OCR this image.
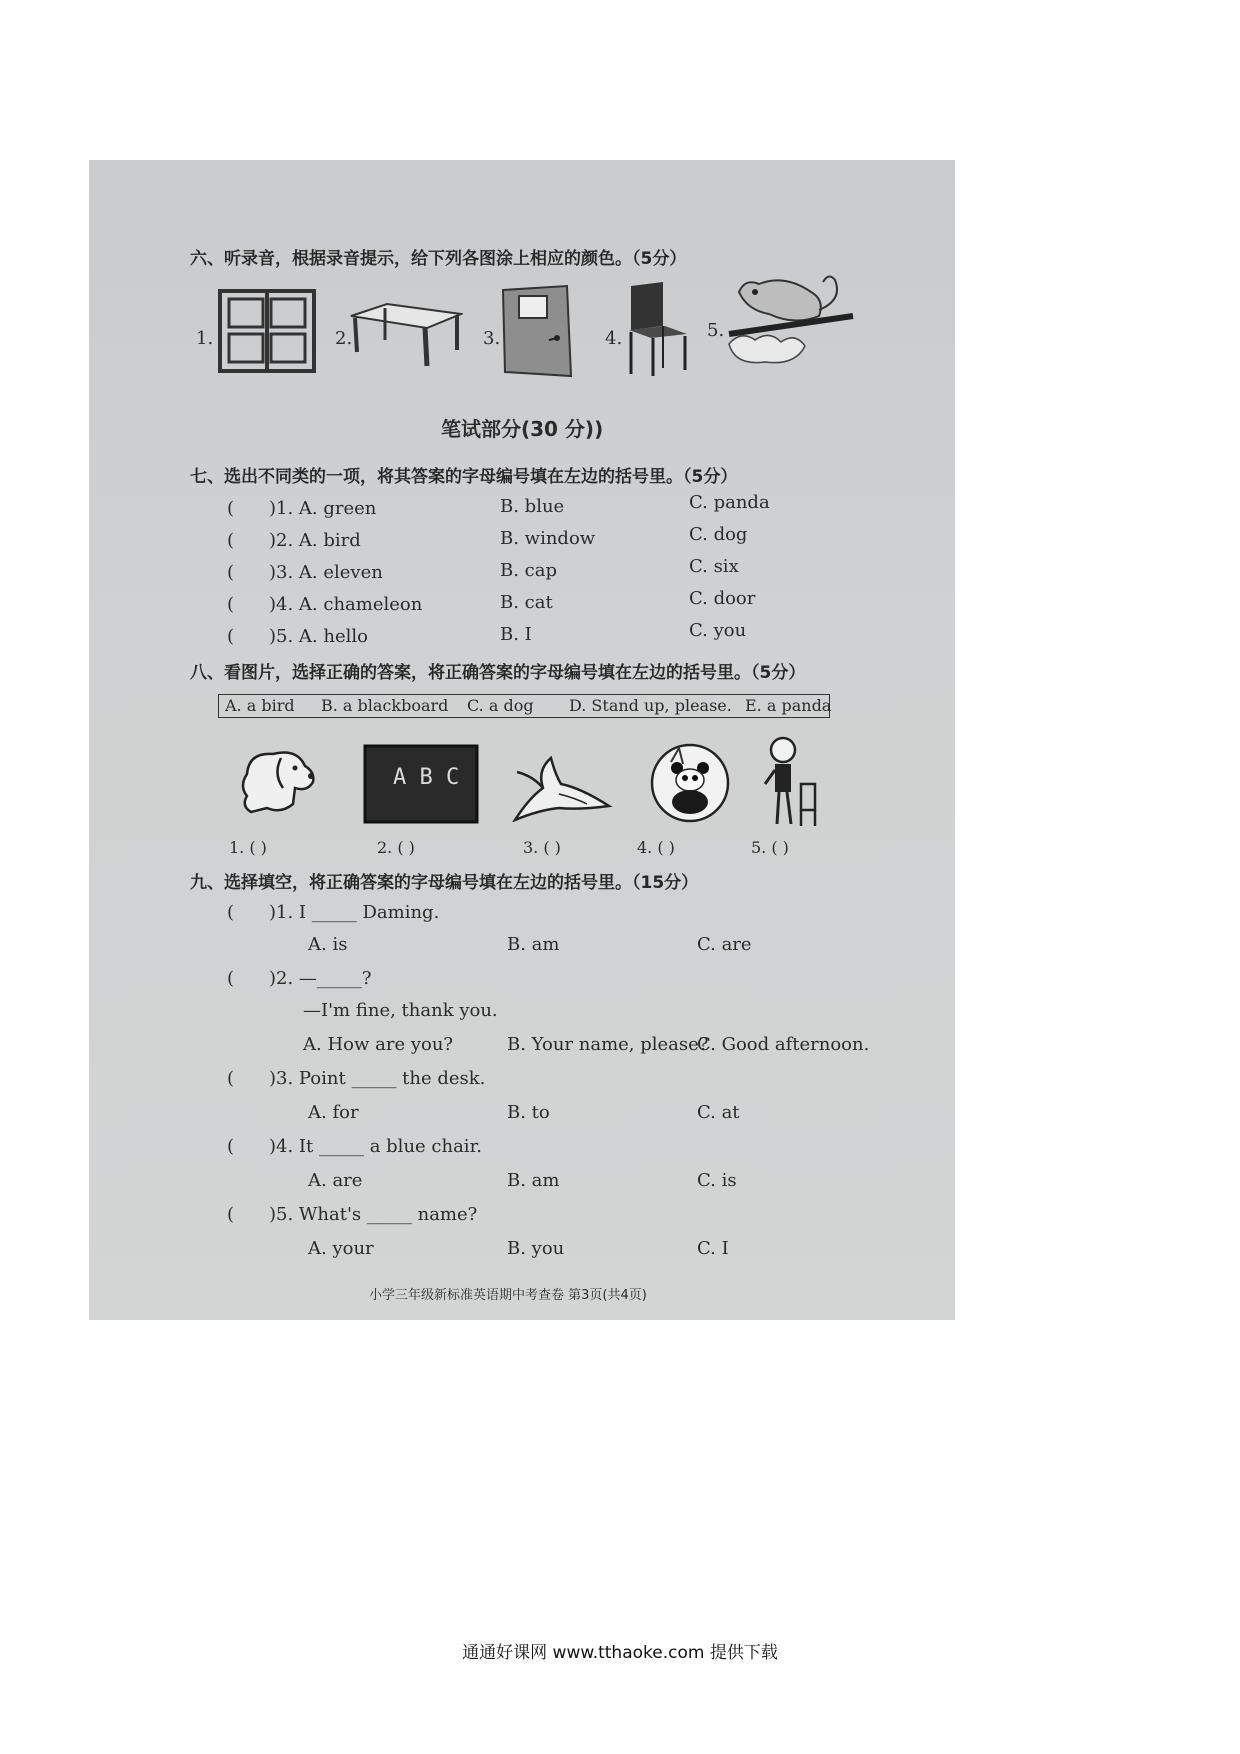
六、听录音，根据录音提示，给下列各图涂上相应的颜色。（5分）
1.	2.	3.	4.	5.
笔试部分(30 分))
七、选出不同类的一项，将其答案的字母编号填在左边的括号里。（5分）
( )1. A. green	B. blue	C. panda
( )2. A. bird	B. window	C. dog
( )3. A. eleven	B. cap	C. six
( )4. A. chameleon	B. cat	C. door
( )5. A. hello	B. I	C. you
八、看图片，选择正确的答案，将正确答案的字母编号填在左边的括号里。（5分）
A. a bird B. a blackboard C. a dog D. Stand up, please. E. a panda
A B C
1. ( )	2. ( )	3. ( )	4. ( )	5. ( )
九、选择填空，将正确答案的字母编号填在左边的括号里。（15分）
( )1. I _____ Daming.
A. is	B. am	C. are
( )2. —_____?
—I'm fine, thank you.
A. How are you?	B. Your name, please?
C. Good afternoon.
( )3. Point _____ the desk.
A. for	B. to	C. at
( )4. It _____ a blue chair.
A. are	B. am	C. is
( )5. What's _____ name?
A. your	B. you	C. I
小学三年级新标准英语期中考查卷 第3页(共4页)
通通好课网 www.tthaoke.com 提供下载
